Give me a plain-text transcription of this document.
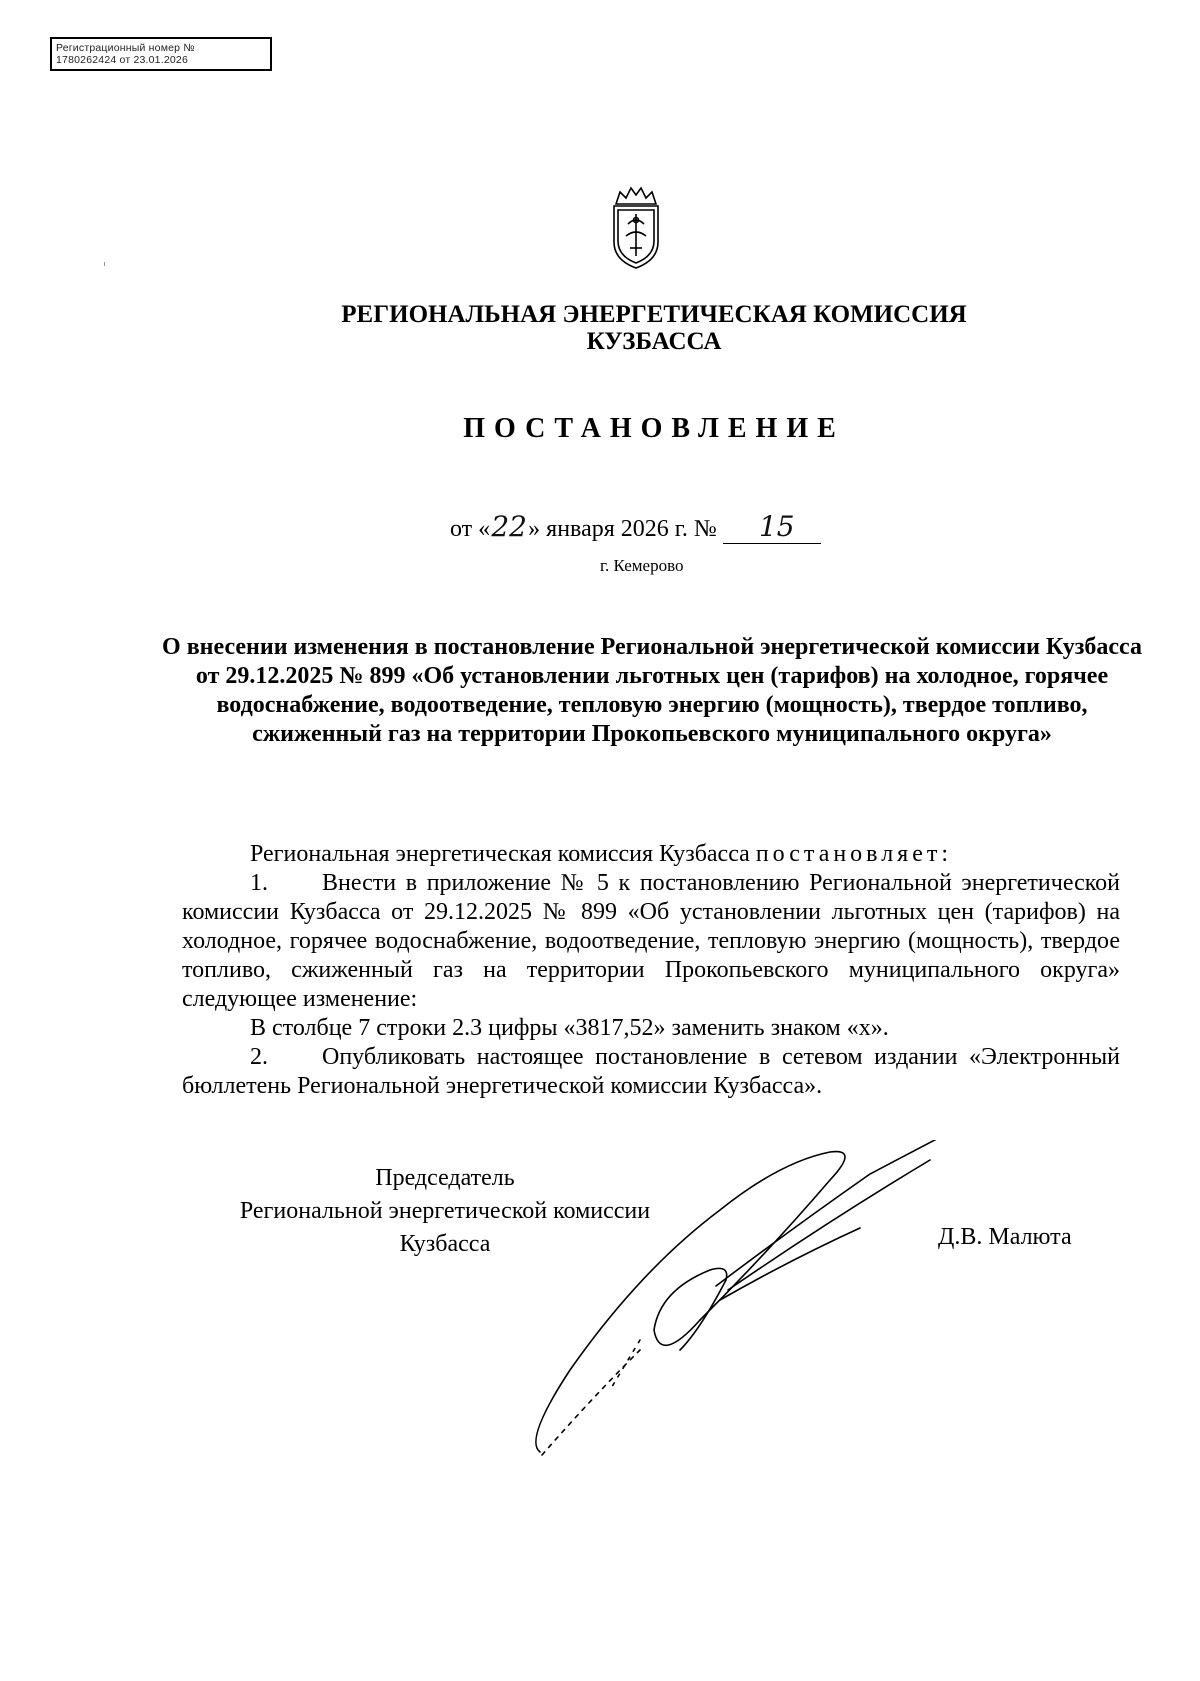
Регистрационный номер №
1780262424 от 23.01.2026
РЕГИОНАЛЬНАЯ ЭНЕРГЕТИЧЕСКАЯ КОМИССИЯ
КУЗБАССА
ПОСТАНОВЛЕНИЕ
от «22» января 2026 г. № 15
г. Кемерово
О внесении изменения в постановление Региональной энергетической комиссии Кузбасса от 29.12.2025 № 899 «Об установлении льготных цен (тарифов) на холодное, горячее водоснабжение, водоотведение, тепловую энергию (мощность), твердое топливо, сжиженный газ на территории Прокопьевского муниципального округа»

Региональная энергетическая комиссия Кузбасса постановляет:

1. Внести в приложение № 5 к постановлению Региональной энергетической комиссии Кузбасса от 29.12.2025 № 899 «Об установлении льготных цен (тарифов) на холодное, горячее водоснабжение, водоотведение, тепловую энергию (мощность), твердое топливо, сжиженный газ на территории Прокопьевского муниципального округа» следующее изменение:

В столбце 7 строки 2.3 цифры «3817,52» заменить знаком «х».

2. Опубликовать настоящее постановление в сетевом издании «Электронный бюллетень Региональной энергетической комиссии Кузбасса».

Председатель
Региональной энергетической комиссии
Кузбасса	Д.В. Малюта
